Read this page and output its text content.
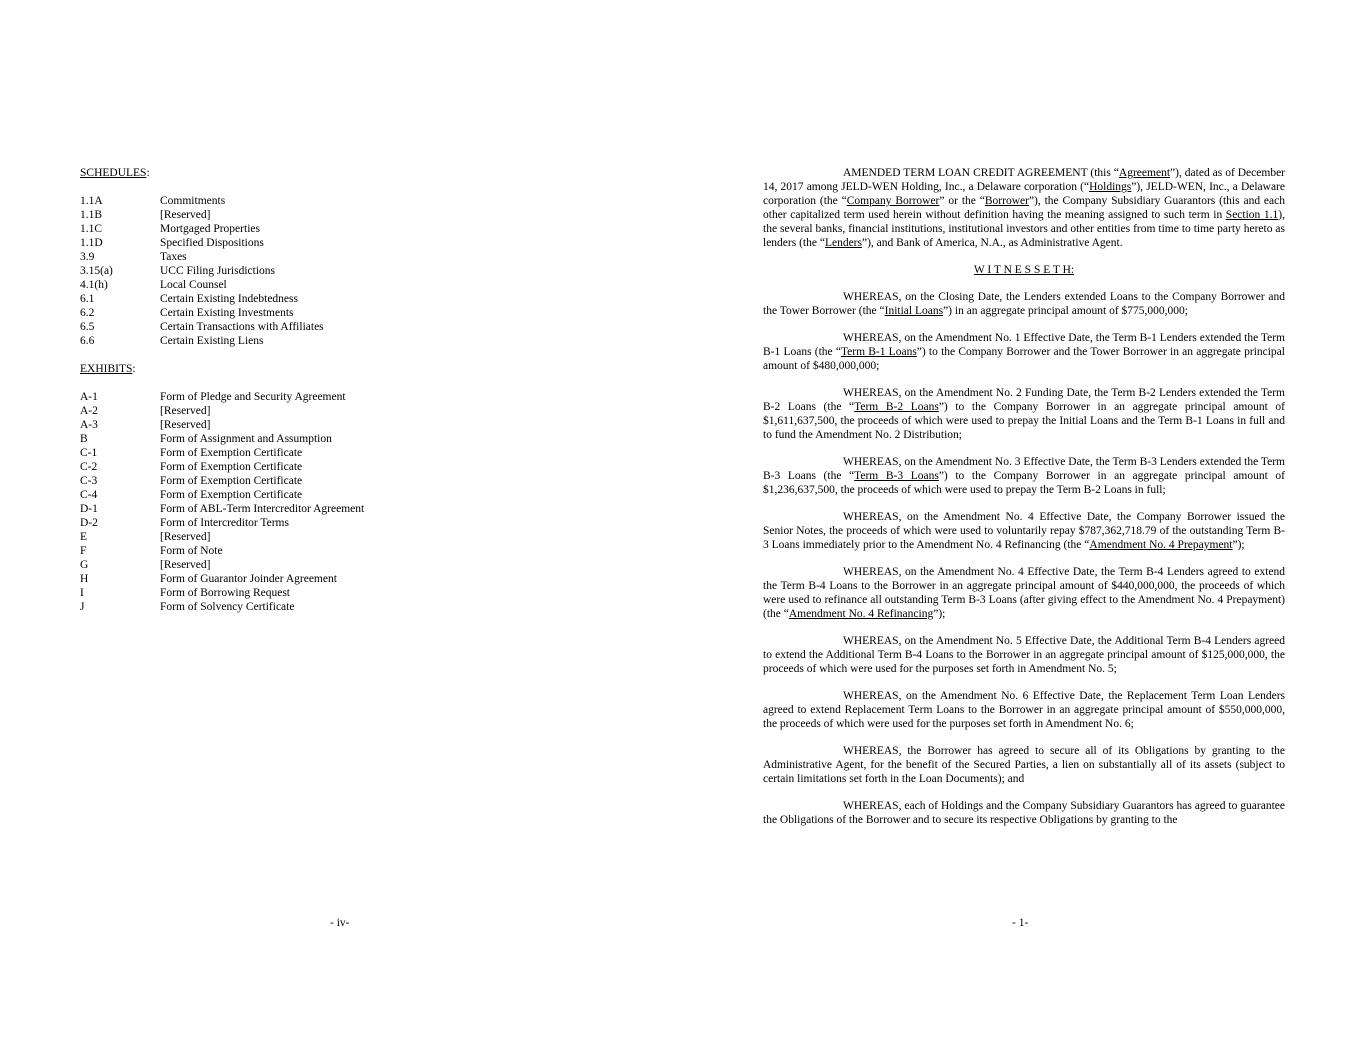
SCHEDULES:

1.1A	Commitments
1.1B	[Reserved]
1.1C	Mortgaged Properties
1.1D	Specified Dispositions
3.9	Taxes
3.15(a)	UCC Filing Jurisdictions
4.1(h)	Local Counsel
6.1	Certain Existing Indebtedness
6.2	Certain Existing Investments
6.5	Certain Transactions with Affiliates
6.6	Certain Existing Liens

EXHIBITS:

A-1	Form of Pledge and Security Agreement
A-2	[Reserved]
A-3	[Reserved]
B	Form of Assignment and Assumption
C-1	Form of Exemption Certificate
C-2	Form of Exemption Certificate
C-3	Form of Exemption Certificate
C-4	Form of Exemption Certificate
D-1	Form of ABL-Term Intercreditor Agreement
D-2	Form of Intercreditor Terms
E	[Reserved]
F	Form of Note
G	[Reserved]
H	Form of Guarantor Joinder Agreement
I	Form of Borrowing Request
J	Form of Solvency Certificate

- iv-

AMENDED TERM LOAN CREDIT AGREEMENT (this “Agreement”), dated as of December 14, 2017 among JELD-WEN Holding, Inc., a Delaware corporation (“Holdings”), JELD-WEN, Inc., a Delaware corporation (the “Company Borrower” or the “Borrower”), the Company Subsidiary Guarantors (this and each other capitalized term used herein without definition having the meaning assigned to such term in Section 1.1), the several banks, financial institutions, institutional investors and other entities from time to time party hereto as lenders (the “Lenders”), and Bank of America, N.A., as Administrative Agent.

W I T N E S S E T H:

WHEREAS, on the Closing Date, the Lenders extended Loans to the Company Borrower and the Tower Borrower (the “Initial Loans”) in an aggregate principal amount of $775,000,000;

WHEREAS, on the Amendment No. 1 Effective Date, the Term B-1 Lenders extended the Term B-1 Loans (the “Term B-1 Loans”) to the Company Borrower and the Tower Borrower in an aggregate principal amount of $480,000,000;

WHEREAS, on the Amendment No. 2 Funding Date, the Term B-2 Lenders extended the Term B-2 Loans (the “Term B-2 Loans”) to the Company Borrower in an aggregate principal amount of $1,611,637,500, the proceeds of which were used to prepay the Initial Loans and the Term B-1 Loans in full and to fund the Amendment No. 2 Distribution;

WHEREAS, on the Amendment No. 3 Effective Date, the Term B-3 Lenders extended the Term B-3 Loans (the “Term B-3 Loans”) to the Company Borrower in an aggregate principal amount of $1,236,637,500, the proceeds of which were used to prepay the Term B-2 Loans in full;

WHEREAS, on the Amendment No. 4 Effective Date, the Company Borrower issued the Senior Notes, the proceeds of which were used to voluntarily repay $787,362,718.79 of the outstanding Term B-3 Loans immediately prior to the Amendment No. 4 Refinancing (the “Amendment No. 4 Prepayment”);

WHEREAS, on the Amendment No. 4 Effective Date, the Term B-4 Lenders agreed to extend the Term B-4 Loans to the Borrower in an aggregate principal amount of $440,000,000, the proceeds of which were used to refinance all outstanding Term B-3 Loans (after giving effect to the Amendment No. 4 Prepayment) (the “Amendment No. 4 Refinancing”);

WHEREAS, on the Amendment No. 5 Effective Date, the Additional Term B-4 Lenders agreed to extend the Additional Term B-4 Loans to the Borrower in an aggregate principal amount of $125,000,000, the proceeds of which were used for the purposes set forth in Amendment No. 5;

WHEREAS, on the Amendment No. 6 Effective Date, the Replacement Term Loan Lenders agreed to extend Replacement Term Loans to the Borrower in an aggregate principal amount of $550,000,000, the proceeds of which were used for the purposes set forth in Amendment No. 6;

WHEREAS, the Borrower has agreed to secure all of its Obligations by granting to the Administrative Agent, for the benefit of the Secured Parties, a lien on substantially all of its assets (subject to certain limitations set forth in the Loan Documents); and

WHEREAS, each of Holdings and the Company Subsidiary Guarantors has agreed to guarantee the Obligations of the Borrower and to secure its respective Obligations by granting to the

- 1-
